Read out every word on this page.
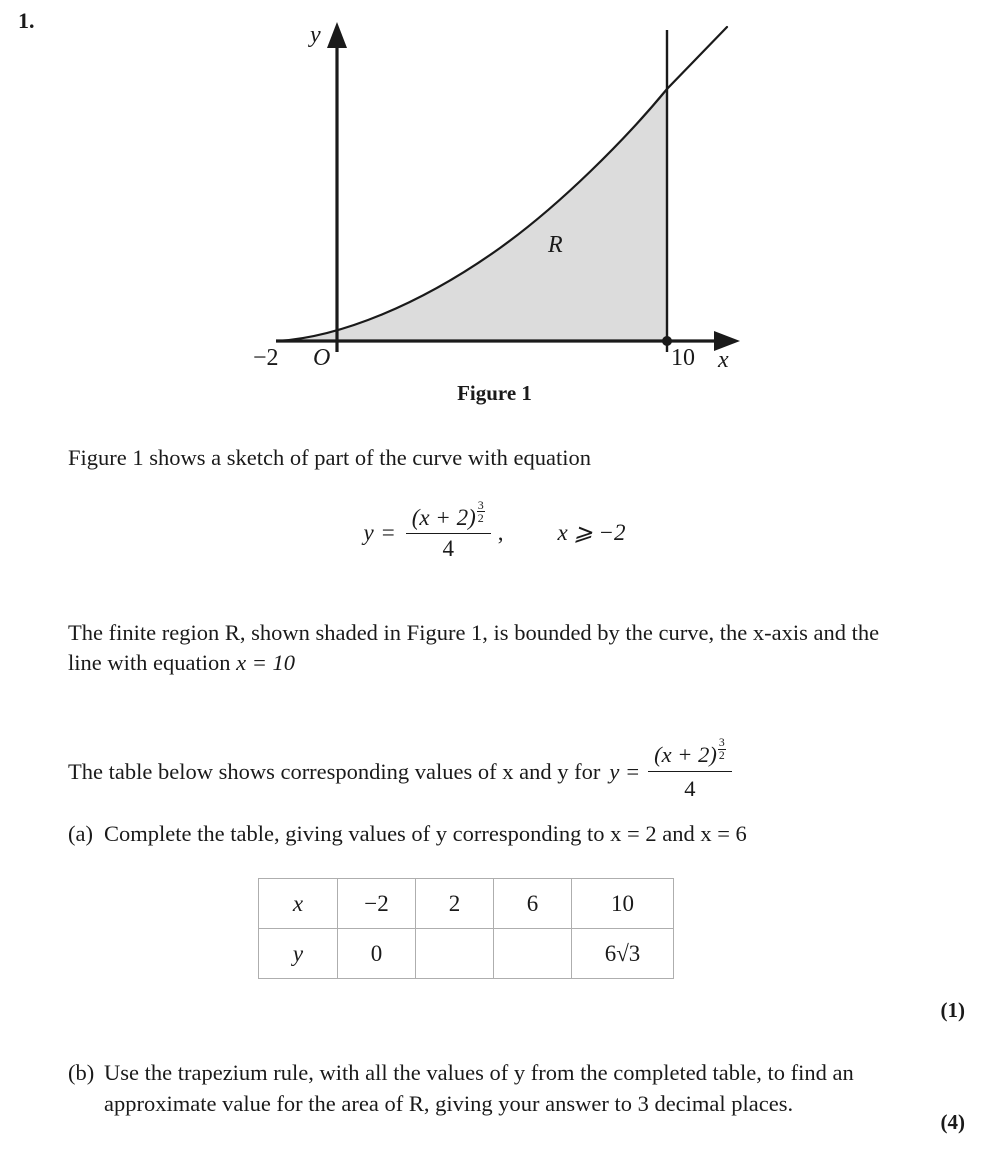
1.
y
x
O
−2	10
R
Figure 1
Figure 1 shows a sketch of part of the curve with equation
$y = \frac{(x + 2) \frac{3}{2}}{4}$ , x ⩾ −2
The finite region R, shown shaded in Figure 1, is bounded by the curve, the x-axis and the
line with equation x = 10
The table below shows corresponding values of x and y for $y = \frac{(x + 2) \frac{3}{2}}{4}$
(a) Complete the table, giving values of y corresponding to x = 2 and x = 6
x	−2	2	6	10
y	0			6√3
(1)
(b) Use the trapezium rule, with all the values of y from the completed table, to find an approximate value for the area of R, giving your answer to 3 decimal places.
(4)
